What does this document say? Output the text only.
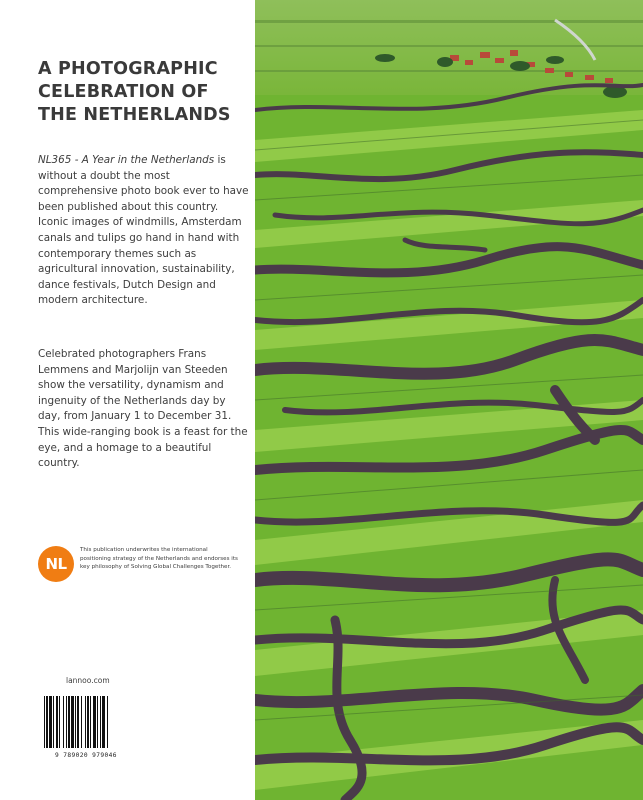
A PHOTOGRAPHIC
CELEBRATION OF
THE NETHERLANDS

NL365 - A Year in the Netherlands is without a doubt the most comprehensive photo book ever to have been published about this country. Iconic images of windmills, Amsterdam canals and tulips go hand in hand with contemporary themes such as agricultural innovation, sustainability, dance festivals, Dutch Design and modern architecture.

Celebrated photographers Frans Lemmens and Marjolijn van Steeden show the versatility, dynamism and ingenuity of the Netherlands day by day, from January 1 to December 31. This wide-ranging book is a feast for the eye, and a homage to a beautiful country.

NL

This publication underwrites the international positioning strategy of the Netherlands and endorses its key philosophy of Solving Global Challenges Together.

lannoo.com

9 789020 979046
